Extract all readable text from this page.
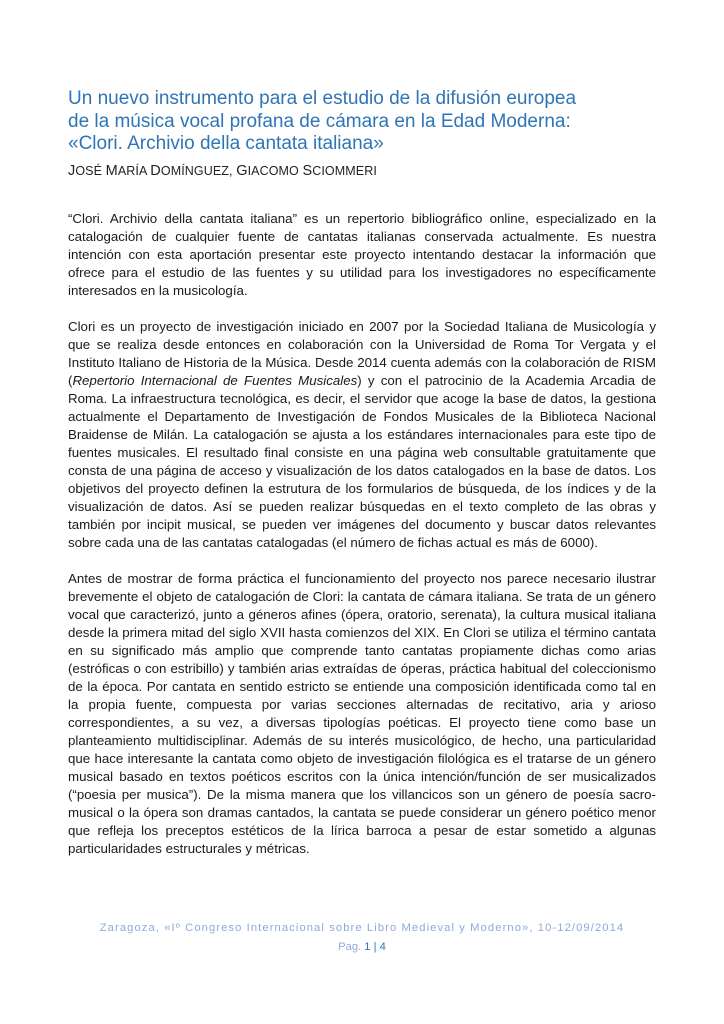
Un nuevo instrumento para el estudio de la difusión europea
de la música vocal profana de cámara en la Edad Moderna:
«Clori. Archivio della cantata italiana»
JOSÉ MARÍA DOMÍNGUEZ, GIACOMO SCIOMMERI

“Clori. Archivio della cantata italiana” es un repertorio bibliográfico online, especializado en la catalogación de cualquier fuente de cantatas italianas conservada actualmente. Es nuestra intención con esta aportación presentar este proyecto intentando destacar la información que ofrece para el estudio de las fuentes y su utilidad para los investigadores no específicamente interesados en la musicología.

Clori es un proyecto de investigación iniciado en 2007 por la Sociedad Italiana de Musicología y que se realiza desde entonces en colaboración con la Universidad de Roma Tor Vergata y el Instituto Italiano de Historia de la Música. Desde 2014 cuenta además con la colaboración de RISM (Repertorio Internacional de Fuentes Musicales) y con el patrocinio de la Academia Arcadia de Roma. La infraestructura tecnológica, es decir, el servidor que acoge la base de datos, la gestiona actualmente el Departamento de Investigación de Fondos Musicales de la Biblioteca Nacional Braidense de Milán. La catalogación se ajusta a los estándares internacionales para este tipo de fuentes musicales. El resultado final consiste en una página web consultable gratuitamente que consta de una página de acceso y visualización de los datos catalogados en la base de datos. Los objetivos del proyecto definen la estrutura de los formularios de búsqueda, de los índices y de la visualización de datos. Así se pueden realizar búsquedas en el texto completo de las obras y también por incipit musical, se pueden ver imágenes del documento y buscar datos relevantes sobre cada una de las cantatas catalogadas (el número de fichas actual es más de 6000).

Antes de mostrar de forma práctica el funcionamiento del proyecto nos parece necesario ilustrar brevemente el objeto de catalogación de Clori: la cantata de cámara italiana. Se trata de un género vocal que caracterizó, junto a géneros afines (ópera, oratorio, serenata), la cultura musical italiana desde la primera mitad del siglo XVII hasta comienzos del XIX. En Clori se utiliza el término cantata en su significado más amplio que comprende tanto cantatas propiamente dichas como arias (estróficas o con estribillo) y también arias extraídas de óperas, práctica habitual del coleccionismo de la época. Por cantata en sentido estricto se entiende una composición identificada como tal en la propia fuente, compuesta por varias secciones alternadas de recitativo, aria y arioso correspondientes, a su vez, a diversas tipologías poéticas. El proyecto tiene como base un planteamiento multidisciplinar. Además de su interés musicológico, de hecho, una particularidad que hace interesante la cantata como objeto de investigación filológica es el tratarse de un género musical basado en textos poéticos escritos con la única intención/función de ser musicalizados (“poesia per musica”). De la misma manera que los villancicos son un género de poesía sacro-musical o la ópera son dramas cantados, la cantata se puede considerar un género poético menor que refleja los preceptos estéticos de la lírica barroca a pesar de estar sometido a algunas particularidades estructurales y métricas.

Zaragoza, «Iº Congreso Internacional sobre Libro Medieval y Moderno», 10-12/09/2014
Pag. 1 | 4
